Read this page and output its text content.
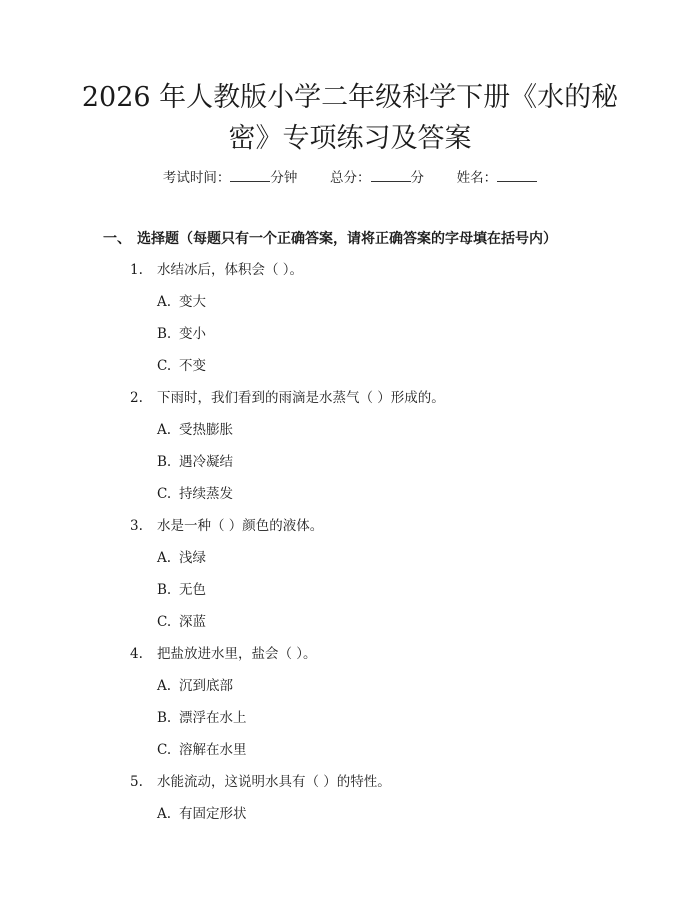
2026 年人教版小学二年级科学下册《水的秘
密》专项练习及答案
考试时间：	分钟 总分：	分 姓名：
一、 选择题（每题只有一个正确答案，请将正确答案的字母填在括号内）
1. 水结冰后，体积会（ ）。
A. 变大
B. 变小
C. 不变
2. 下雨时，我们看到的雨滴是水蒸气（ ）形成的。
A. 受热膨胀
B. 遇冷凝结
C. 持续蒸发
3. 水是一种（ ）颜色的液体。
A. 浅绿
B. 无色
C. 深蓝
4. 把盐放进水里，盐会（ ）。
A. 沉到底部
B. 漂浮在水上
C. 溶解在水里
5. 水能流动，这说明水具有（ ）的特性。
A. 有固定形状
